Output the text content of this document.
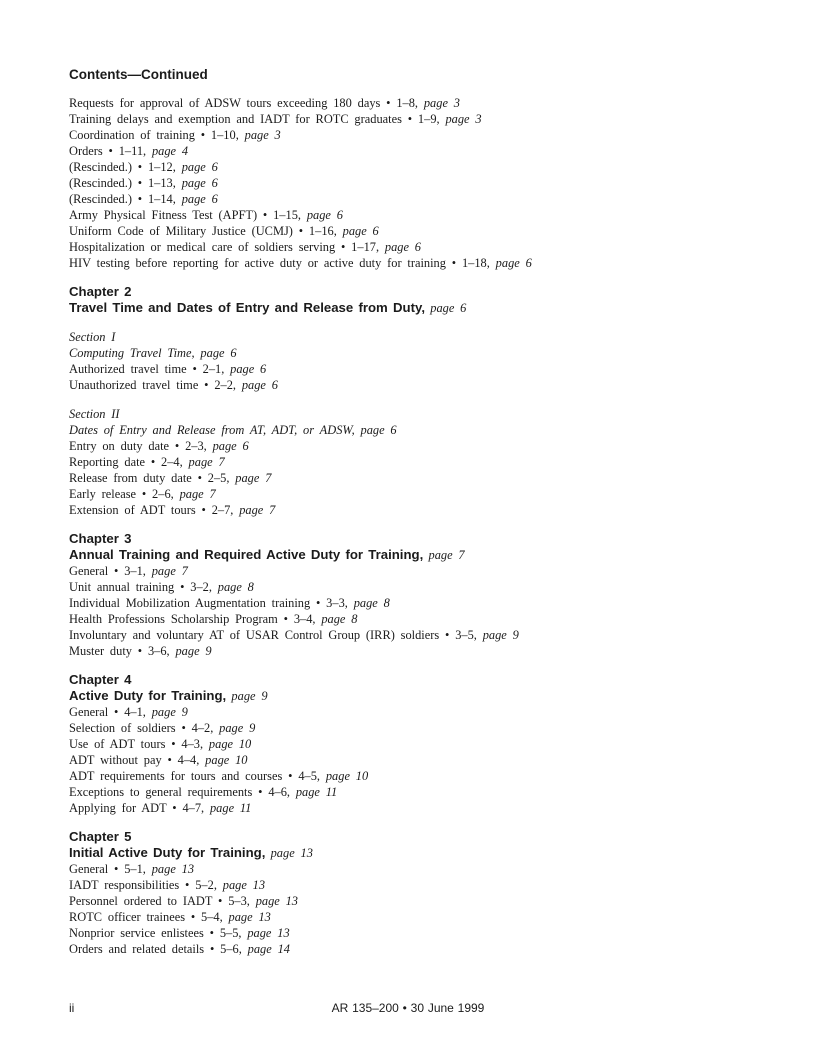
Contents—Continued
Requests for approval of ADSW tours exceeding 180 days • 1–8, page 3
Training delays and exemption and IADT for ROTC graduates • 1–9, page 3
Coordination of training • 1–10, page 3
Orders • 1–11, page 4
(Rescinded.) • 1–12, page 6
(Rescinded.) • 1–13, page 6
(Rescinded.) • 1–14, page 6
Army Physical Fitness Test (APFT) • 1–15, page 6
Uniform Code of Military Justice (UCMJ) • 1–16, page 6
Hospitalization or medical care of soldiers serving • 1–17, page 6
HIV testing before reporting for active duty or active duty for training • 1–18, page 6
Chapter 2
Travel Time and Dates of Entry and Release from Duty, page 6
Section I
Computing Travel Time, page 6
Authorized travel time • 2–1, page 6
Unauthorized travel time • 2–2, page 6
Section II
Dates of Entry and Release from AT, ADT, or ADSW, page 6
Entry on duty date • 2–3, page 6
Reporting date • 2–4, page 7
Release from duty date • 2–5, page 7
Early release • 2–6, page 7
Extension of ADT tours • 2–7, page 7
Chapter 3
Annual Training and Required Active Duty for Training, page 7
General • 3–1, page 7
Unit annual training • 3–2, page 8
Individual Mobilization Augmentation training • 3–3, page 8
Health Professions Scholarship Program • 3–4, page 8
Involuntary and voluntary AT of USAR Control Group (IRR) soldiers • 3–5, page 9
Muster duty • 3–6, page 9
Chapter 4
Active Duty for Training, page 9
General • 4–1, page 9
Selection of soldiers • 4–2, page 9
Use of ADT tours • 4–3, page 10
ADT without pay • 4–4, page 10
ADT requirements for tours and courses • 4–5, page 10
Exceptions to general requirements • 4–6, page 11
Applying for ADT • 4–7, page 11
Chapter 5
Initial Active Duty for Training, page 13
General • 5–1, page 13
IADT responsibilities • 5–2, page 13
Personnel ordered to IADT • 5–3, page 13
ROTC officer trainees • 5–4, page 13
Nonprior service enlistees • 5–5, page 13
Orders and related details • 5–6, page 14
ii	AR 135–200 • 30 June 1999
